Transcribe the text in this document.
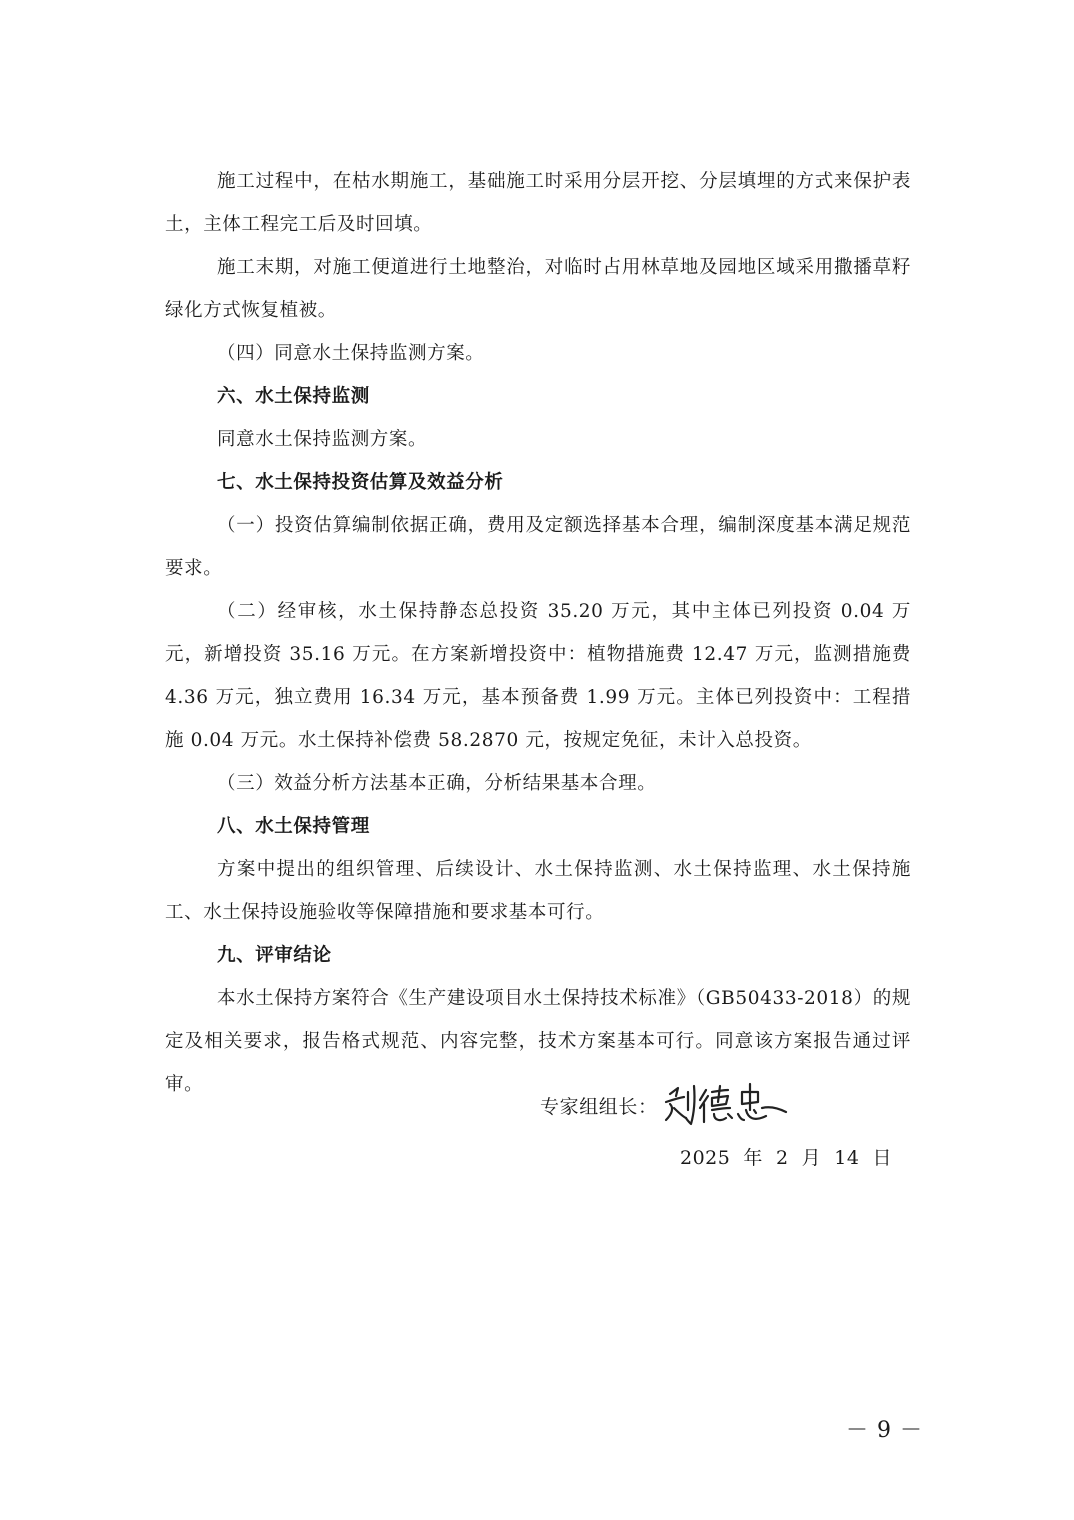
施工过程中，在枯水期施工，基础施工时采用分层开挖、分层填埋的方式来保护表土，主体工程完工后及时回填。

施工末期，对施工便道进行土地整治，对临时占用林草地及园地区域采用撒播草籽绿化方式恢复植被。

（四）同意水土保持监测方案。

六、水土保持监测

同意水土保持监测方案。

七、水土保持投资估算及效益分析

（一）投资估算编制依据正确，费用及定额选择基本合理，编制深度基本满足规范要求。

（二）经审核，水土保持静态总投资 35.20 万元，其中主体已列投资 0.04 万元，新增投资 35.16 万元。在方案新增投资中：植物措施费 12.47 万元，监测措施费 4.36 万元，独立费用 16.34 万元，基本预备费 1.99 万元。主体已列投资中：工程措施 0.04 万元。水土保持补偿费 58.2870 元，按规定免征，未计入总投资。

（三）效益分析方法基本正确，分析结果基本合理。

八、水土保持管理

方案中提出的组织管理、后续设计、水土保持监测、水土保持监理、水土保持施工、水土保持设施验收等保障措施和要求基本可行。

九、评审结论

本水土保持方案符合《生产建设项目水土保持技术标准》（GB50433-2018）的规定及相关要求，报告格式规范、内容完整，技术方案基本可行。同意该方案报告通过评审。

专家组组长：
2025  年  2  月  14  日
－ 9 －
